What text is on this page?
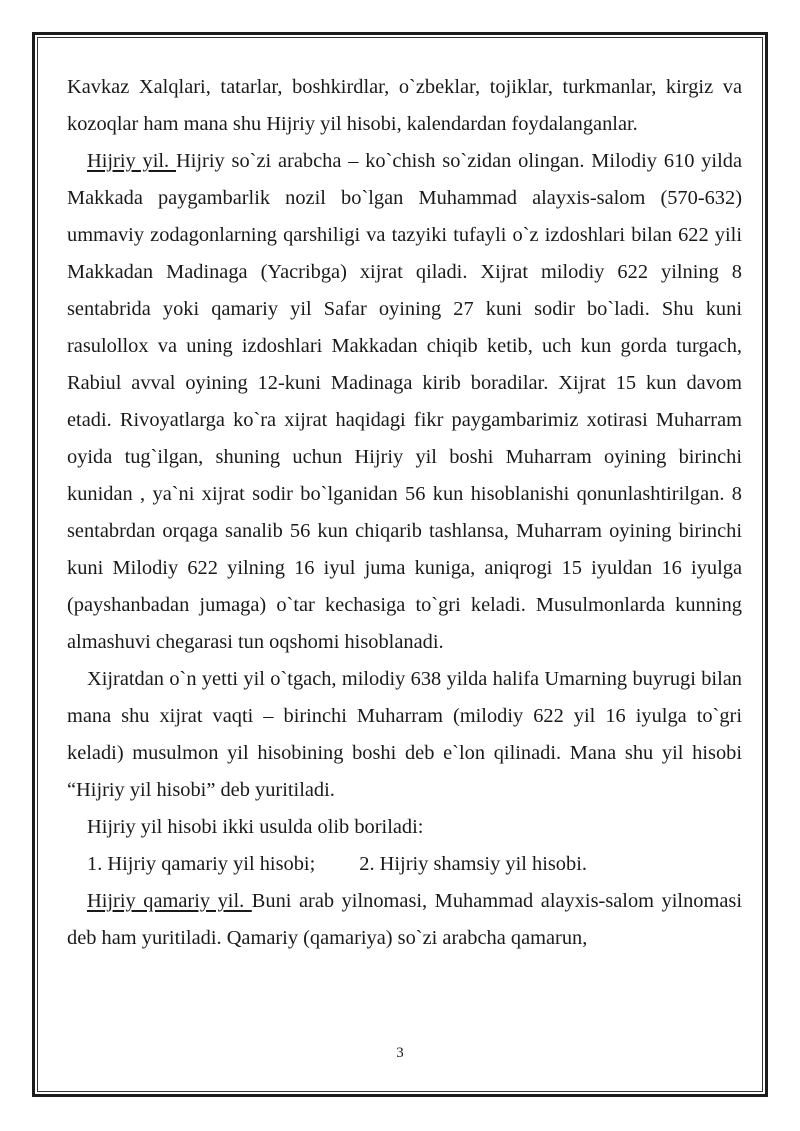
Kavkaz Xalqlari, tatarlar, boshkirdlar, o`zbeklar, tojiklar, turkmanlar, kirgiz va kozoqlar ham mana shu Hijriy yil hisobi, kalendardan foydalanganlar.

Hijriy yil. Hijriy so`zi arabcha – ko`chish so`zidan olingan. Milodiy 610 yilda Makkada paygambarlik nozil bo`lgan Muhammad alayxis-salom (570-632) ummaviy zodagonlarning qarshiligi va tazyiki tufayli o`z izdoshlari bilan 622 yili Makkadan Madinaga (Yacribga) xijrat qiladi. Xijrat milodiy 622 yilning 8 sentabrida yoki qamariy yil Safar oyining 27 kuni sodir bo`ladi. Shu kuni rasulollox va uning izdoshlari Makkadan chiqib ketib, uch kun gorda turgach, Rabiul avval oyining 12-kuni Madinaga kirib boradilar. Xijrat 15 kun davom etadi. Rivoyatlarga ko`ra xijrat haqidagi fikr paygambarimiz xotirasi Muharram oyida tug`ilgan, shuning uchun Hijriy yil boshi Muharram oyining birinchi kunidan , ya`ni xijrat sodir bo`lganidan 56 kun hisoblanishi qonunlashtirilgan. 8 sentabrdan orqaga sanalib 56 kun chiqarib tashlansa, Muharram oyining birinchi kuni Milodiy 622 yilning 16 iyul juma kuniga, aniqrogi 15 iyuldan 16 iyulga (payshanbadan jumaga) o`tar kechasiga to`gri keladi. Musulmonlarda kunning almashuvi chegarasi tun oqshomi hisoblanadi.

Xijratdan o`n yetti yil o`tgach, milodiy 638 yilda halifa Umarning buyrugi bilan mana shu xijrat vaqti – birinchi Muharram (milodiy 622 yil 16 iyulga to`gri keladi) musulmon yil hisobining boshi deb e`lon qilinadi. Mana shu yil hisobi “Hijriy yil hisobi” deb yuritiladi.

Hijriy yil hisobi ikki usulda olib boriladi:

1. Hijriy qamariy yil hisobi; 2. Hijriy shamsiy yil hisobi.

Hijriy qamariy yil. Buni arab yilnomasi, Muhammad alayxis-salom yilnomasi deb ham yuritiladi. Qamariy (qamariya) so`zi arabcha qamarun,

3
